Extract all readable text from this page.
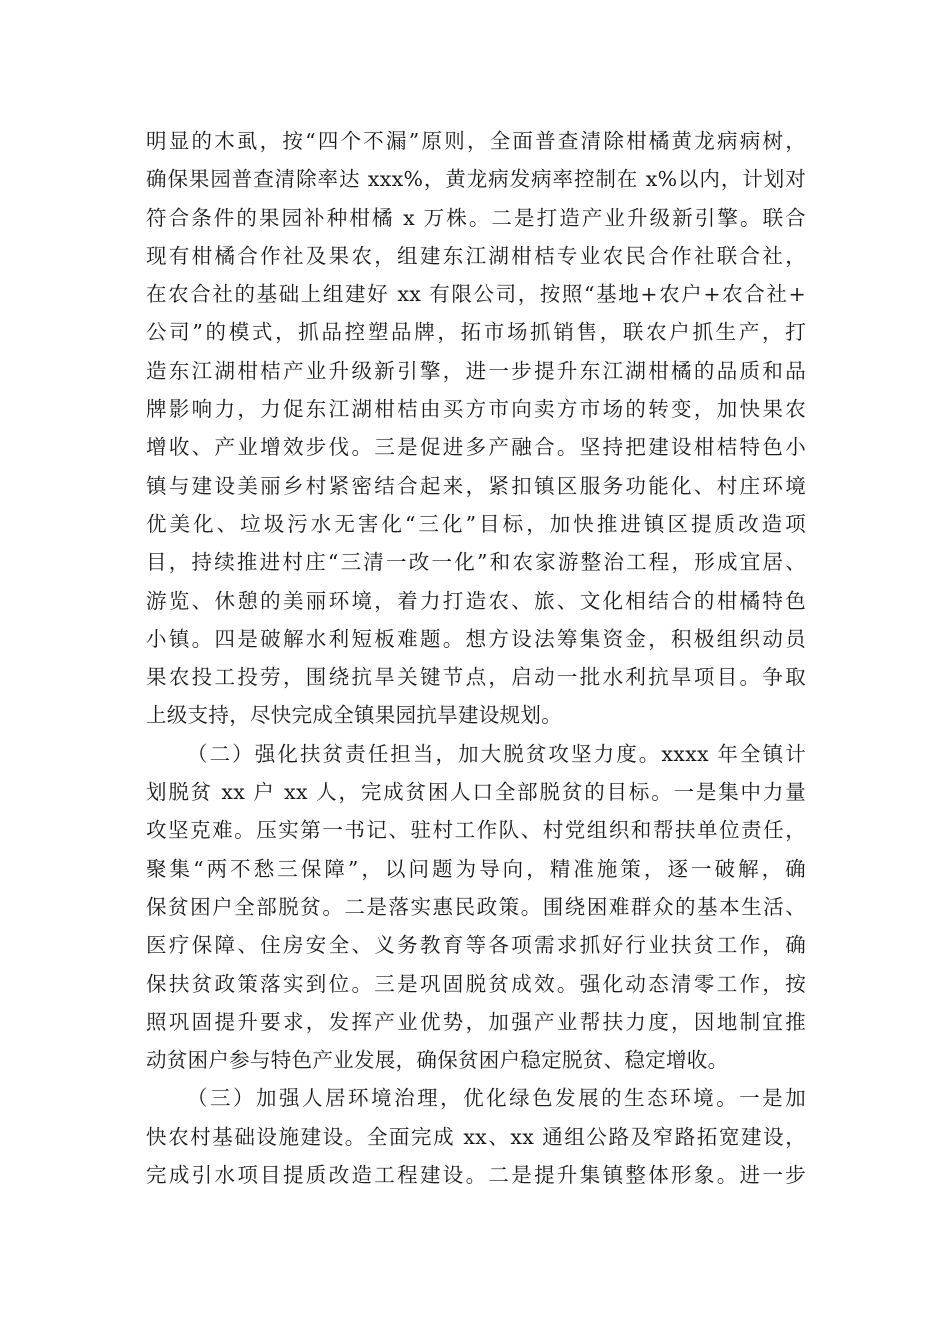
明显的木虱，按“四个不漏”原则，全面普查清除柑橘黄龙病病树，
确保果园普查清除率达 xxx%，黄龙病发病率控制在 x%以内，计划对
符合条件的果园补种柑橘 x 万株。二是打造产业升级新引擎。联合
现有柑橘合作社及果农，组建东江湖柑桔专业农民合作社联合社，
在农合社的基础上组建好 xx 有限公司，按照“基地+农户+农合社+
公司”的模式，抓品控塑品牌，拓市场抓销售，联农户抓生产，打
造东江湖柑桔产业升级新引擎，进一步提升东江湖柑橘的品质和品
牌影响力，力促东江湖柑桔由买方市向卖方市场的转变，加快果农
增收、产业增效步伐。三是促进多产融合。坚持把建设柑桔特色小
镇与建设美丽乡村紧密结合起来，紧扣镇区服务功能化、村庄环境
优美化、垃圾污水无害化“三化”目标，加快推进镇区提质改造项
目，持续推进村庄“三清一改一化”和农家游整治工程，形成宜居、
游览、休憩的美丽环境，着力打造农、旅、文化相结合的柑橘特色
小镇。四是破解水利短板难题。想方设法筹集资金，积极组织动员
果农投工投劳，围绕抗旱关键节点，启动一批水利抗旱项目。争取
上级支持，尽快完成全镇果园抗旱建设规划。
（二）强化扶贫责任担当，加大脱贫攻坚力度。xxxx 年全镇计
划脱贫 xx 户 xx 人，完成贫困人口全部脱贫的目标。一是集中力量
攻坚克难。压实第一书记、驻村工作队、村党组织和帮扶单位责任，
聚集“两不愁三保障”，以问题为导向，精准施策，逐一破解，确
保贫困户全部脱贫。二是落实惠民政策。围绕困难群众的基本生活、
医疗保障、住房安全、义务教育等各项需求抓好行业扶贫工作，确
保扶贫政策落实到位。三是巩固脱贫成效。强化动态清零工作，按
照巩固提升要求，发挥产业优势，加强产业帮扶力度，因地制宜推
动贫困户参与特色产业发展，确保贫困户稳定脱贫、稳定增收。
（三）加强人居环境治理，优化绿色发展的生态环境。一是加
快农村基础设施建设。全面完成 xx、xx 通组公路及窄路拓宽建设，
完成引水项目提质改造工程建设。二是提升集镇整体形象。进一步
